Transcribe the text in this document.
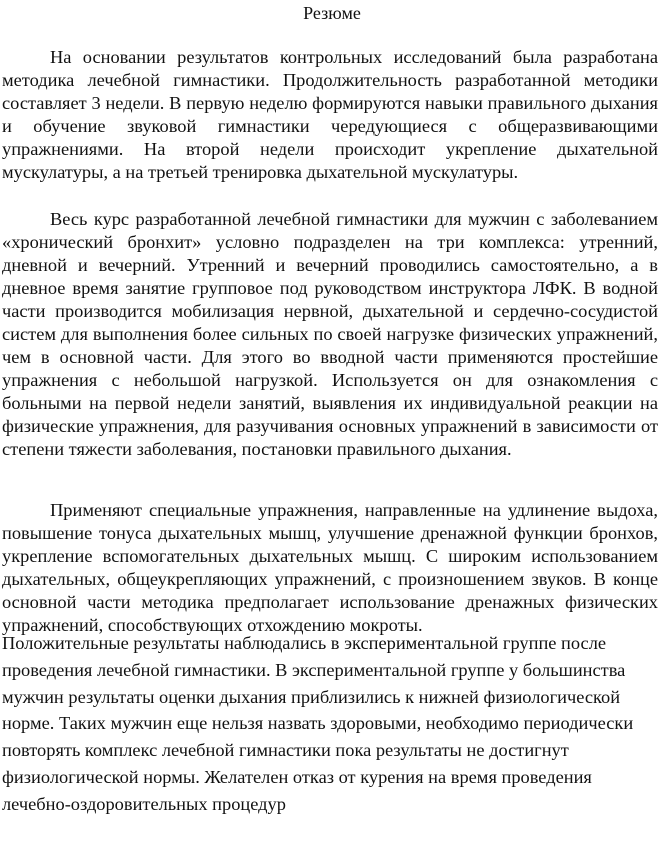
Резюме

На основании результатов контрольных исследований была разработана методика лечебной гимнастики. Продолжительность разработанной методики составляет 3 недели. В первую неделю формируются навыки правильного дыхания и обучение звуковой гимнастики чередующиеся с общеразвивающими упражнениями. На второй недели происходит укрепление дыхательной мускулатуры, а на третьей тренировка дыхательной мускулатуры.

Весь курс разработанной лечебной гимнастики для мужчин с заболеванием «хронический бронхит» условно подразделен на три комплекса: утренний, дневной и вечерний. Утренний и вечерний проводились самостоятельно, а в дневное время занятие групповое под руководством инструктора ЛФК. В водной части производится мобилизация нервной, дыхательной и сердечно-сосудистой систем для выполнения более сильных по своей нагрузке физических упражнений, чем в основной части. Для этого во вводной части применяются простейшие упражнения с небольшой нагрузкой. Используется он для ознакомления с больными на первой недели занятий, выявления их индивидуальной реакции на физические упражнения, для разучивания основных упражнений в зависимости от степени тяжести заболевания, постановки правильного дыхания.

Применяют специальные упражнения, направленные на удлинение выдоха, повышение тонуса дыхательных мышц, улучшение дренажной функции бронхов, укрепление вспомогательных дыхательных мышц. С широким использованием дыхательных, общеукрепляющих упражнений, с произношением звуков. В конце основной части методика предполагает использование дренажных физических упражнений, способствующих отхождению мокроты.

Положительные результаты наблюдались в экспериментальной группе после проведения лечебной гимнастики. В экспериментальной группе у большинства мужчин результаты оценки дыхания приблизились к нижней физиологической норме. Таких мужчин еще нельзя назвать здоровыми, необходимо периодически повторять комплекс лечебной гимнастики пока результаты не достигнут физиологической нормы. Желателен отказ от курения на время проведения лечебно-оздоровительных процедур
